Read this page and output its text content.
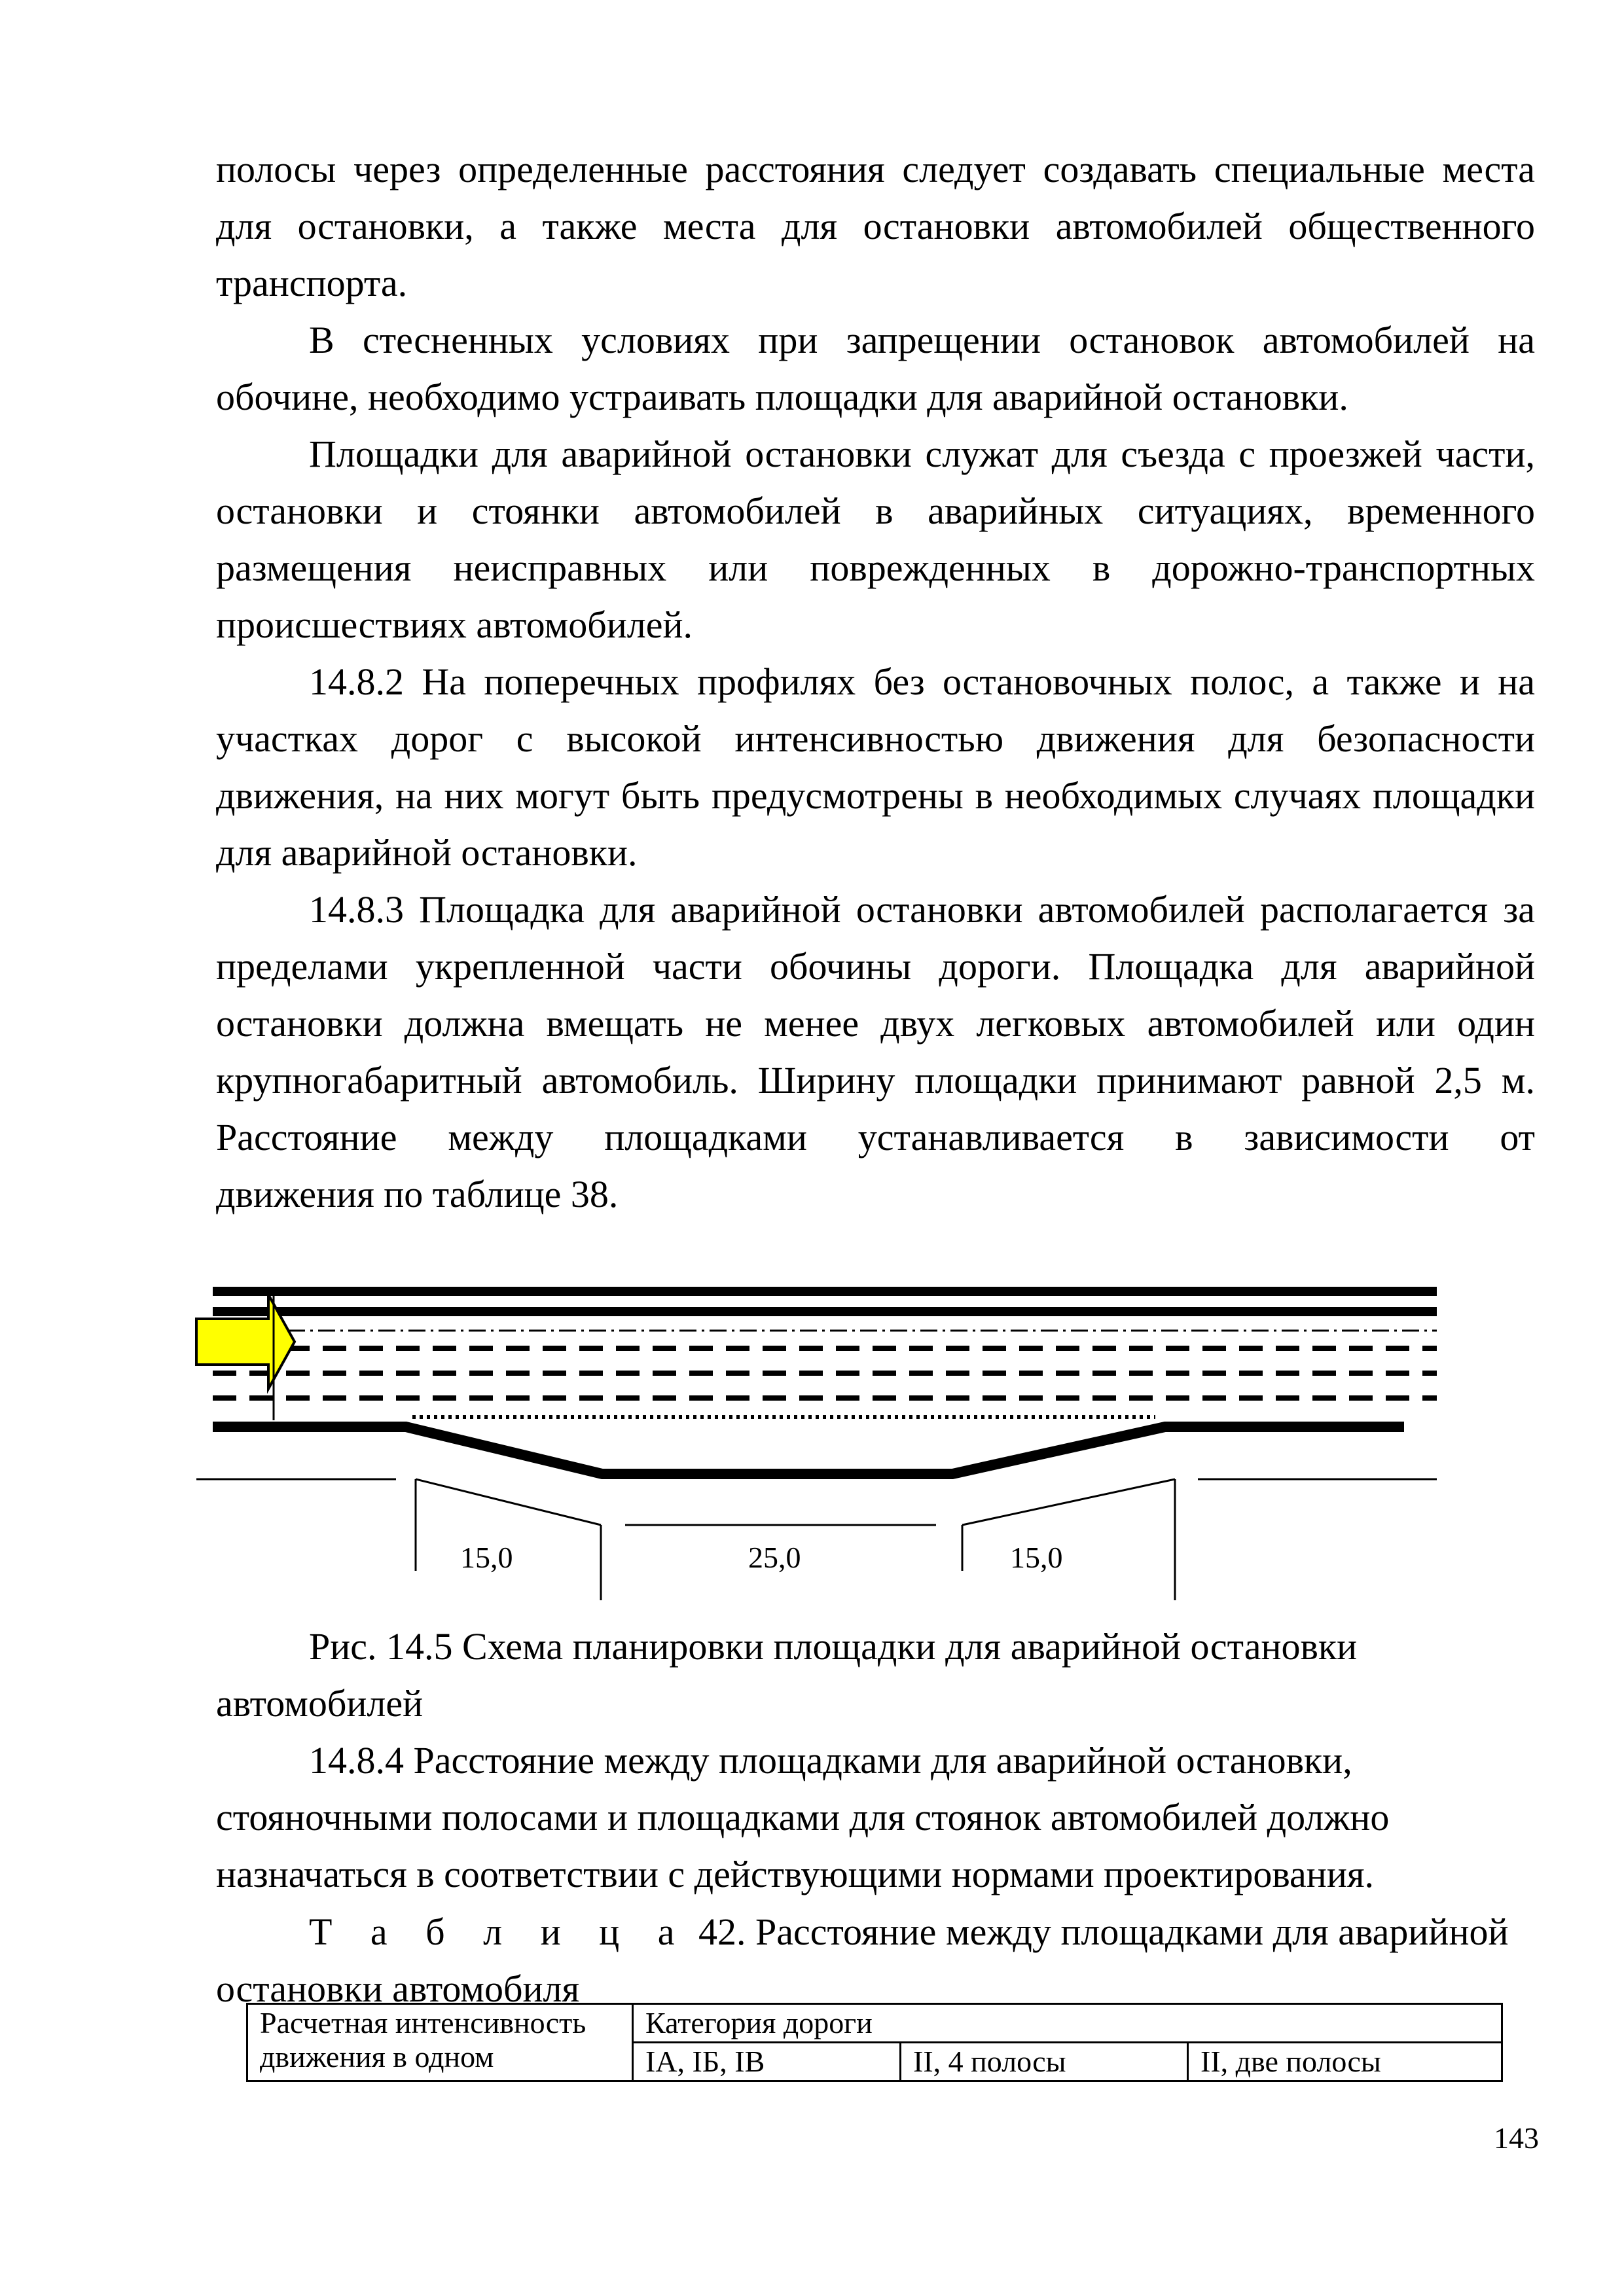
полосы через определенные расстояния следует создавать специальные места
для остановки, а также места для остановки автомобилей общественного
транспорта.
В стесненных условиях при запрещении остановок автомобилей на
обочине, необходимо устраивать площадки для аварийной остановки.
Площадки для аварийной остановки служат для съезда с проезжей части,
остановки и стоянки автомобилей в аварийных ситуациях, временного
размещения неисправных или поврежденных в дорожно-транспортных
происшествиях автомобилей.
14.8.2 На поперечных профилях без остановочных полос, а также и на
участках дорог с высокой интенсивностью движения для безопасности
движения, на них могут быть предусмотрены в необходимых случаях площадки
для аварийной остановки.
14.8.3 Площадка для аварийной остановки автомобилей располагается за
пределами укрепленной части обочины дороги. Площадка для аварийной
остановки должна вмещать не менее двух легковых автомобилей или один
крупногабаритный автомобиль. Ширину площадки принимают равной 2,5 м.
Расстояние между площадками устанавливается в зависимости от
движения по таблице 38.
15,0	25,0	15,0
Рис. 14.5 Схема планировки площадки для аварийной остановки
автомобилей
14.8.4 Расстояние между площадками для аварийной остановки,
стояночными полосами и площадками для стоянок автомобилей должно
назначаться в соответствии с действующими нормами проектирования.
Т а б л и ц а 42. Расстояние между площадками для аварийной
остановки автомобиля
Расчетная интенсивность
движения в одном	Категория дороги		
	IA, IБ, IB	II, 4 полосы	II, две полосы
143
